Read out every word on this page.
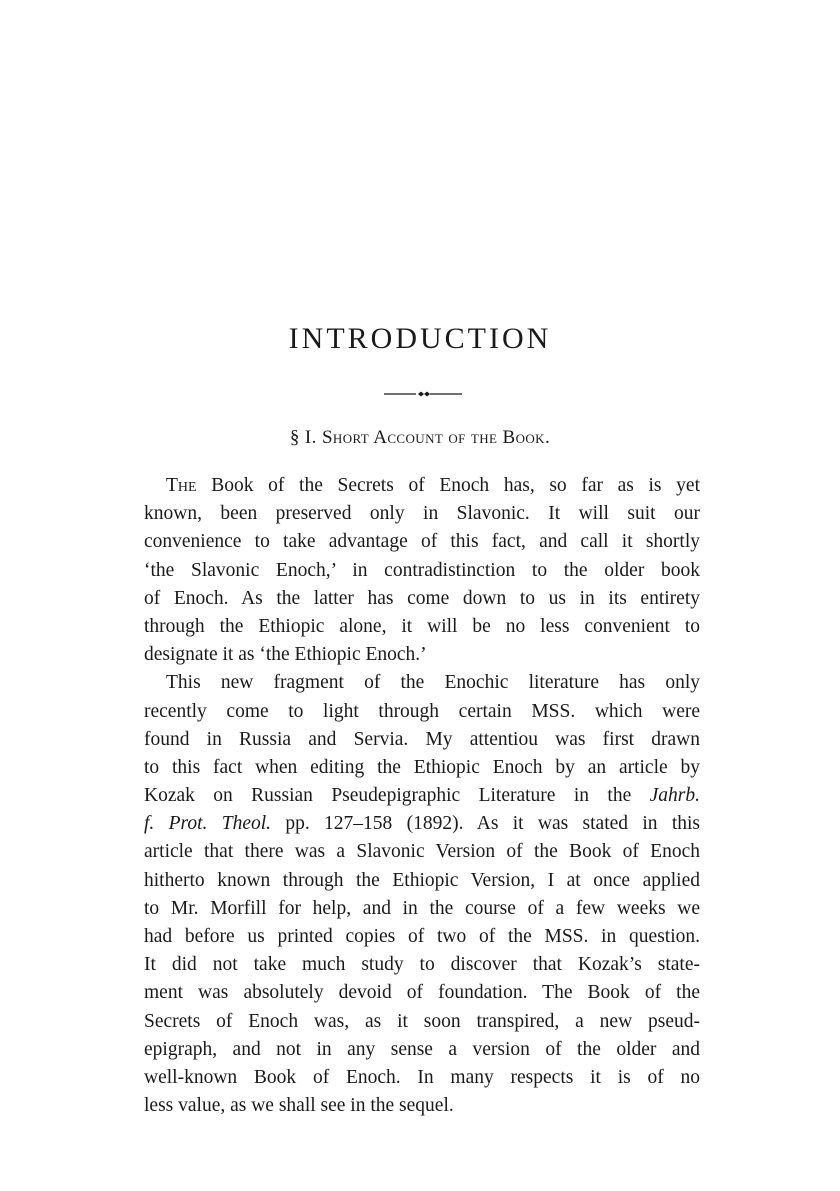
INTRODUCTION
§ I. Short Account of the Book.
The Book of the Secrets of Enoch has, so far as is yet
known, been preserved only in Slavonic. It will suit our
convenience to take advantage of this fact, and call it shortly
‘the Slavonic Enoch,’ in contradistinction to the older book
of Enoch. As the latter has come down to us in its entirety
through the Ethiopic alone, it will be no less convenient to
designate it as ‘the Ethiopic Enoch.’
This new fragment of the Enochic literature has only
recently come to light through certain MSS. which were
found in Russia and Servia. My attentiou was first drawn
to this fact when editing the Ethiopic Enoch by an article by
Kozak on Russian Pseudepigraphic Literature in the Jahrb.
f. Prot. Theol. pp. 127–158 (1892). As it was stated in this
article that there was a Slavonic Version of the Book of Enoch
hitherto known through the Ethiopic Version, I at once applied
to Mr. Morfill for help, and in the course of a few weeks we
had before us printed copies of two of the MSS. in question.
It did not take much study to discover that Kozak’s state-
ment was absolutely devoid of foundation. The Book of the
Secrets of Enoch was, as it soon transpired, a new pseud-
epigraph, and not in any sense a version of the older and
well-known Book of Enoch. In many respects it is of no
less value, as we shall see in the sequel.
